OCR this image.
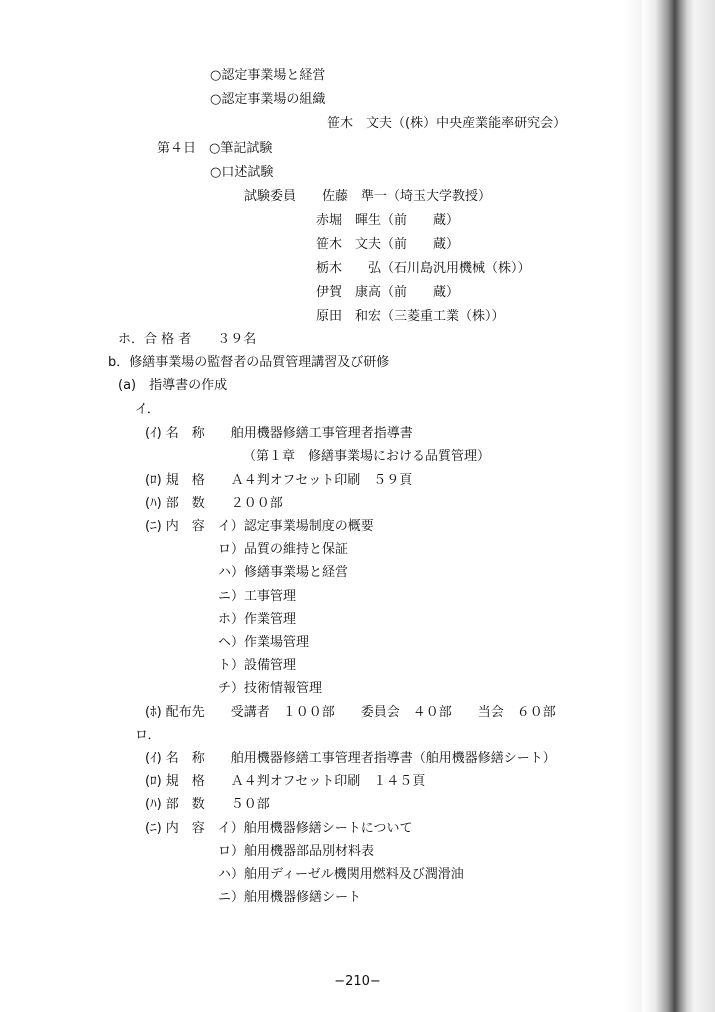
○認定事業場と経営
○認定事業場の組織
笹木　文夫（(株）中央産業能率研究会）
第４日　○筆記試験
○口述試験
試験委員　　佐藤　準一（埼玉大学教授）
赤堀　暉生（前　　蔵）
笹木　文夫（前　　蔵）
栃木　　弘（石川島汎用機械（株））
伊賀　康高（前　　蔵）
原田　和宏（三菱重工業（株））
ホ．合 格 者　　３９名
b．修繕事業場の監督者の品質管理講習及び研修
(a)　指導書の作成
イ．
(ｲ) 名　称　　舶用機器修繕工事管理者指導書
（第１章　修繕事業場における品質管理）
(ﾛ) 規　格　　Ａ４判オフセット印刷　５９頁
(ﾊ) 部　数　　２００部
(ﾆ) 内　容　イ）認定事業場制度の概要
ロ）品質の維持と保証
ハ）修繕事業場と経営
ニ）工事管理
ホ）作業管理
ヘ）作業場管理
ト）設備管理
チ）技術情報管理
(ﾎ) 配布先　　受講者　１００部　　委員会　４０部　　当会　６０部
ロ．
(ｲ) 名　称　　舶用機器修繕工事管理者指導書（舶用機器修繕シート）
(ﾛ) 規　格　　Ａ４判オフセット印刷　１４５頁
(ﾊ) 部　数　　５０部
(ﾆ) 内　容　イ）舶用機器修繕シートについて
ロ）舶用機器部品別材料表
ハ）舶用ディーゼル機関用燃料及び潤滑油
ニ）舶用機器修繕シート
−210−
